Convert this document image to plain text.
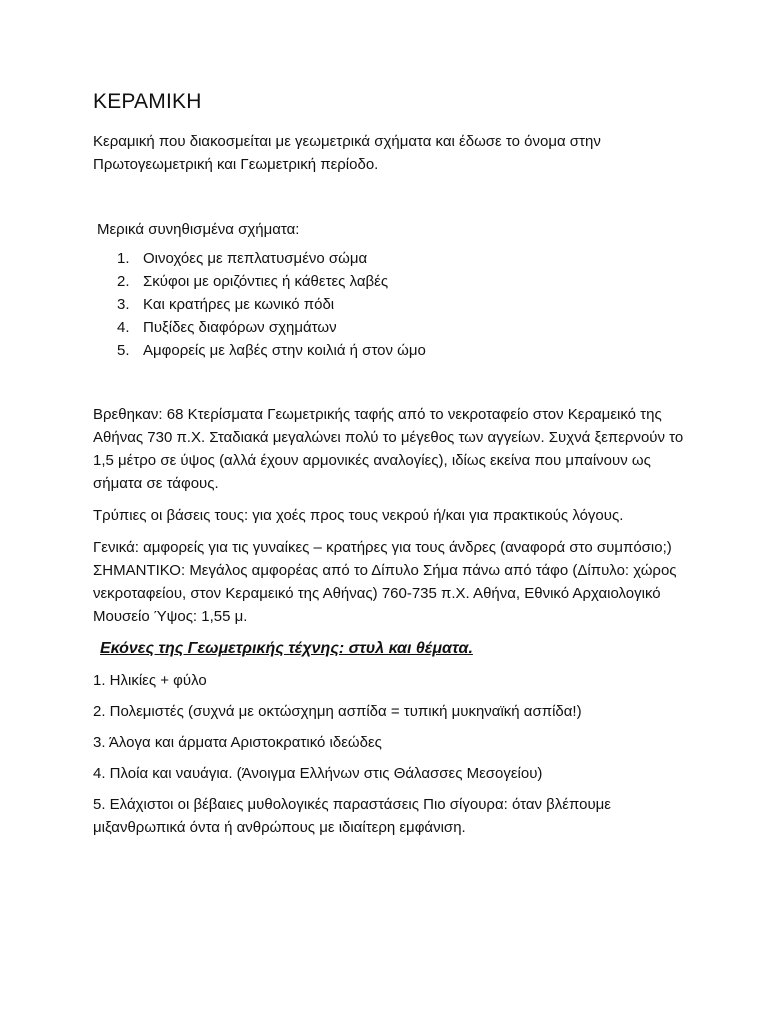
ΚΕΡΑΜΙΚΗ

Κεραμική που διακοσμείται με γεωμετρικά σχήματα και έδωσε το όνομα στην Πρωτογεωμετρική και Γεωμετρική περίοδο.

Μερικά συνηθισμένα σχήματα:

1. Οινοχόες με πεπλατυσμένο σώμα
2. Σκύφοι με οριζόντιες ή κάθετες λαβές
3. Και κρατήρες με κωνικό πόδι
4. Πυξίδες διαφόρων σχημάτων
5. Αμφορείς με λαβές στην κοιλιά ή στον ώμο

Βρεθηκαν: 68 Κτερίσματα Γεωμετρικής ταφής από το νεκροταφείο στον Κεραμεικό της Αθήνας 730 π.Χ. Σταδιακά μεγαλώνει πολύ το μέγεθος των αγγείων. Συχνά ξεπερνούν το 1,5 μέτρο σε ύψος (αλλά έχουν αρμονικές αναλογίες), ιδίως εκείνα που μπαίνουν ως σήματα σε τάφους.

Τρύπιες οι βάσεις τους: για χοές προς τους νεκρού ή/και για πρακτικούς λόγους.

Γενικά: αμφορείς για τις γυναίκες – κρατήρες για τους άνδρες (αναφορά στο συμπόσιο;) ΣΗΜΑΝΤΙΚΟ: Μεγάλος αμφορέας από το Δίπυλο Σήμα πάνω από τάφο (Δίπυλο: χώρος νεκροταφείου, στον Κεραμεικό της Αθήνας) 760-735 π.Χ. Αθήνα, Εθνικό Αρχαιολογικό Μουσείο Ύψος: 1,55 μ.

Εκόνες της Γεωμετρικής τέχνης: στυλ και θέματα.

1. Ηλικίες + φύλο

2. Πολεμιστές (συχνά με οκτώσχημη ασπίδα = τυπική μυκηναϊκή ασπίδα!)

3. Άλογα και άρματα Αριστοκρατικό ιδεώδες

4. Πλοία και ναυάγια. (Άνοιγμα Ελλήνων στις Θάλασσες Μεσογείου)

5. Ελάχιστοι οι βέβαιες μυθολογικές παραστάσεις Πιο σίγουρα: όταν βλέπουμε μιξανθρωπικά όντα ή ανθρώπους με ιδιαίτερη εμφάνιση.
